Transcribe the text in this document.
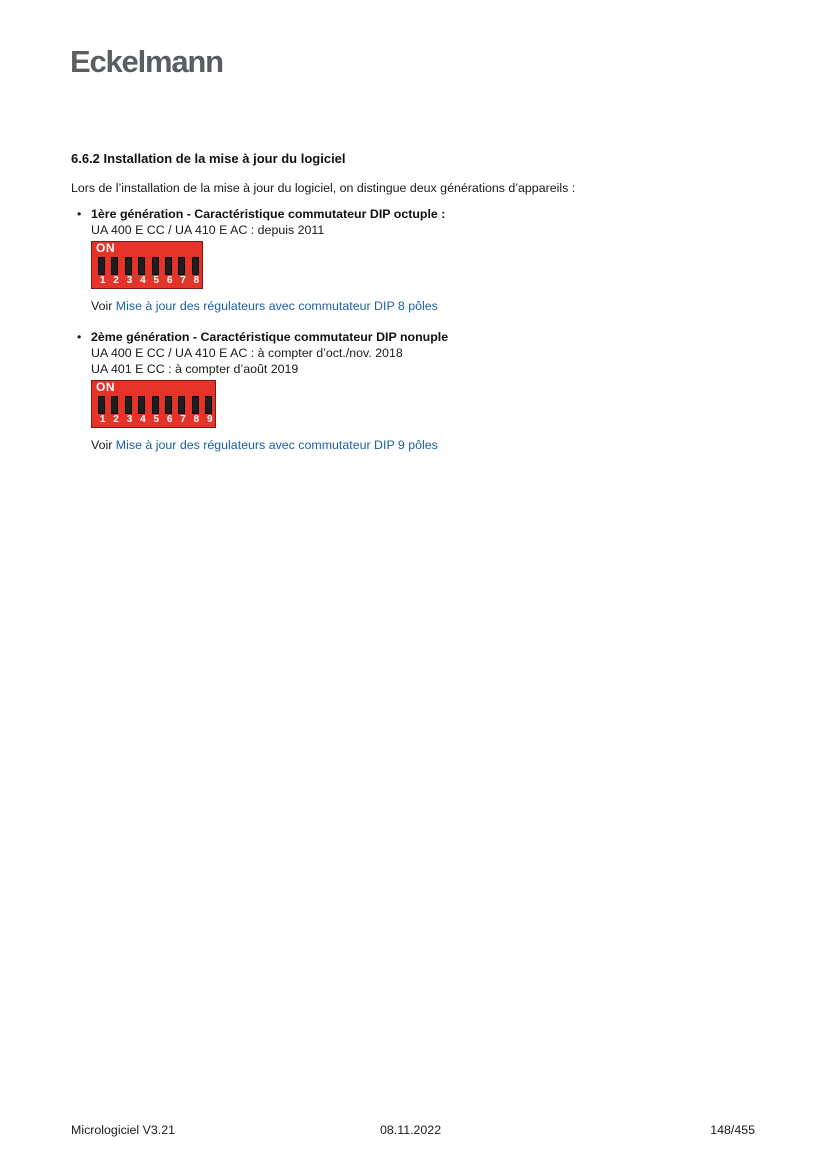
Eckelmann
6.6.2 Installation de la mise à jour du logiciel
Lors de l’installation de la mise à jour du logiciel, on distingue deux générations d’appareils :
• 1ère génération - Caractéristique commutateur DIP octuple :
UA 400 E CC / UA 410 E AC : depuis 2011
ON
1 2 3 4 5 6 7 8
Voir Mise à jour des régulateurs avec commutateur DIP 8 pôles
• 2ème génération - Caractéristique commutateur DIP nonuple
UA 400 E CC / UA 410 E AC : à compter d’oct./nov. 2018
UA 401 E CC : à compter d’août 2019
ON
1 2 3 4 5 6 7 8 9
Voir Mise à jour des régulateurs avec commutateur DIP 9 pôles
Micrologiciel V3.21	08.11.2022	148/455
